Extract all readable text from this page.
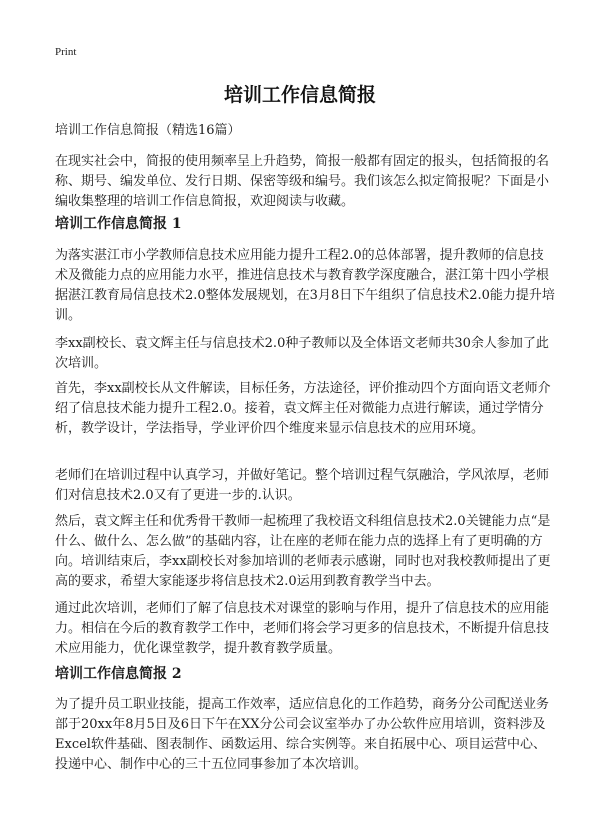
Print
培训工作信息简报
培训工作信息简报（精选16篇）

在现实社会中，简报的使用频率呈上升趋势，简报一般都有固定的报头，包括简报的名称、期号、编发单位、发行日期、保密等级和编号。我们该怎么拟定简报呢？下面是小编收集整理的培训工作信息简报，欢迎阅读与收藏。

培训工作信息简报 1

为落实湛江市小学教师信息技术应用能力提升工程2.0的总体部署，提升教师的信息技术及微能力点的应用能力水平，推进信息技术与教育教学深度融合，湛江第十四小学根据湛江教育局信息技术2.0整体发展规划，在3月8日下午组织了信息技术2.0能力提升培训。

李xx副校长、袁文辉主任与信息技术2.0种子教师以及全体语文老师共30余人参加了此次培训。

首先，李xx副校长从文件解读，目标任务，方法途径，评价推动四个方面向语文老师介绍了信息技术能力提升工程2.0。接着，袁文辉主任对微能力点进行解读，通过学情分析，教学设计，学法指导，学业评价四个维度来显示信息技术的应用环境。

老师们在培训过程中认真学习，并做好笔记。整个培训过程气氛融洽，学风浓厚，老师们对信息技术2.0又有了更进一步的.认识。

然后，袁文辉主任和优秀骨干教师一起梳理了我校语文科组信息技术2.0关键能力点“是什么、做什么、怎么做”的基础内容，让在座的老师在能力点的选择上有了更明确的方向。培训结束后，李xx副校长对参加培训的老师表示感谢，同时也对我校教师提出了更高的要求，希望大家能逐步将信息技术2.0运用到教育教学当中去。

通过此次培训，老师们了解了信息技术对课堂的影响与作用，提升了信息技术的应用能力。相信在今后的教育教学工作中，老师们将会学习更多的信息技术，不断提升信息技术应用能力，优化课堂教学，提升教育教学质量。

培训工作信息简报 2

为了提升员工职业技能，提高工作效率，适应信息化的工作趋势，商务分公司配送业务部于20xx年8月5日及6日下午在XX分公司会议室举办了办公软件应用培训，资料涉及Excel软件基础、图表制作、函数运用、综合实例等。来自拓展中心、项目运营中心、投递中心、制作中心的三十五位同事参加了本次培训。
